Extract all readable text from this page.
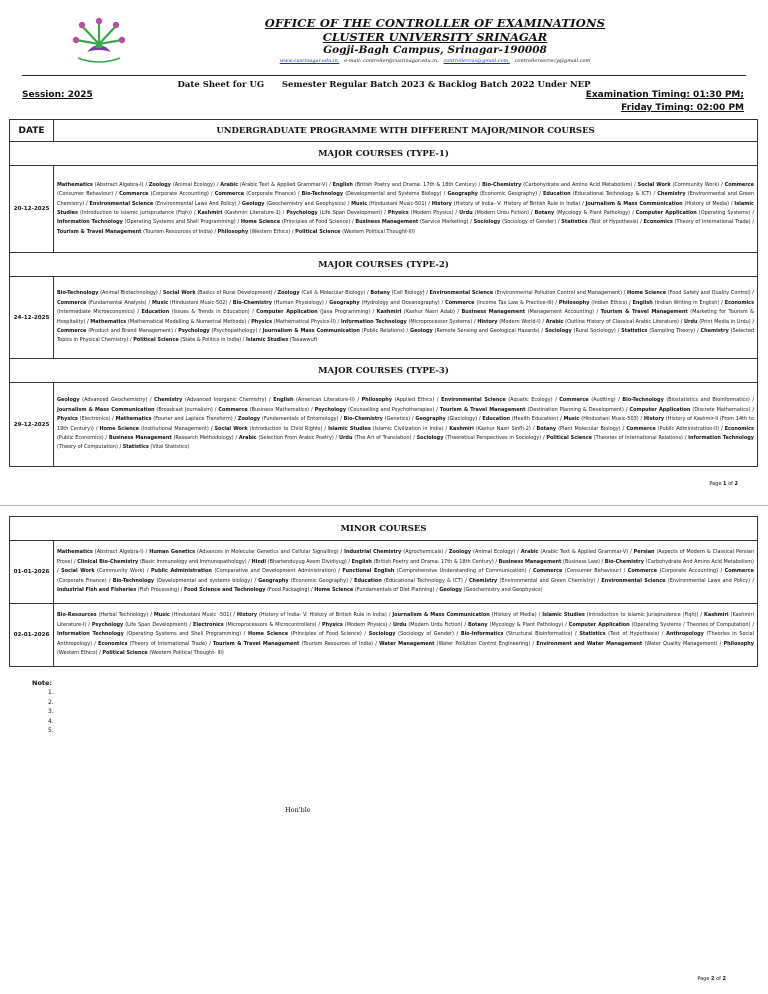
OFFICE OF THE CONTROLLER OF EXAMINATIONS
CLUSTER UNIVERSITY SRINAGAR
Gogji-Bagh Campus, Srinagar-190008
www.cusrinagar.edu.in, e-mail: controller@cusrinagar.edu.in, controllercus@gmail.com, controllersecrecy@gmail.com
Date Sheet for UG      Semester Regular Batch 2023 & Backlog Batch 2022 Under NEP
Session: 2025	Examination Timing: 01:30 PM;
Friday Timing: 02:00 PM
DATE	UNDERGRADUATE PROGRAMME WITH DIFFERENT MAJOR/MINOR COURSES
MAJOR COURSES (TYPE-1)	
20-12-2025	Mathematics (Abstract Algebra-I) / Zoology (Animal Ecology) / Arabic (Arabic Text & Applied Grammar-V) / English (British Poetry and Drama: 17th & 18th Century) / Bio-Chemistry (Carbohydrate and Amino Acid Metabolism) / Social Work (Community Work) / Commerce (Consumer Behaviour) / Commerce (Corporate Accounting) / Commerce (Corporate Finance) / Bio-Technology (Developmental and Systems Biology) / Geography (Economic Geography) / Education (Educational Technology & ICT) / Chemistry (Environmental and Green Chemistry) / Environmental Science (Environmental Laws And Policy) / Geology (Geochemistry and Geophysics) / Music (Hindustani Music-501) / History (History of India- V: History of British Rule in India) / Journalism & Mass Communication (History of Media) / Islamic Studies (Introduction to Islamic Jurisprudence (Fiqh)) / Kashmiri (Kashmiri Literature-1) / Psychology (Life Span Development) / Physics (Modern Physics) / Urdu (Modern Urdu Fiction) / Botany (Mycology & Plant Pathology) / Computer Application (Operating Systems) / Information Technology (Operating Systems and Shell Programming) / Home Science (Principles of Food Science) / Business Management (Service Marketing) / Sociology (Sociology of Gender) / Statistics (Test of Hypothesis) / Economics (Theory of International Trade) / Tourism & Travel Management (Tourism Resources of India) / Philosophy (Western Ethics) / Political Science (Western Political Thought-III)
MAJOR COURSES (TYPE-2)	
24-12-2025	Bio-Technology (Animal Biotechnology) / Social Work (Basics of Rural Development) / Zoology (Cell & Molecular Biology) / Botany (Cell Biology) / Environmental Science (Environmental Pollution Control and Management) / Home Science (Food Safety and Quality Control) / Commerce (Fundamental Analysis) / Music (Hindustani Music-502) / Bio-Chemistry (Human Physiology) / Geography (Hydrology and Oceanography) / Commerce (Income Tax Law & Practice-III) / Philosophy (Indian Ethics) / English (Indian Writing in English) / Economics (Intermediate Microeconomics) / Education (Issues & Trends in Education) / Computer Application (Java Programming) / Kashmiri (Kashur Nasri Adab) / Business Management (Management Accounting) / Tourism & Travel Management (Marketing for Tourism & Hospitality) / Mathematics (Mathematical Modelling & Numerical Methods) / Physics (Mathematical Physics-II) / Information Technology (Microprocessor Systems) / History (Modern World-I) / Arabic (Outline History of Classical Arabic Literature) / Urdu (Print Media in Urdu) / Commerce (Product and Brand Management) / Psychology (Psychopathology) / Journalism & Mass Communication (Public Relations) / Geology (Remote Sensing and Geological Hazards) / Sociology (Rural Sociology) / Statistics (Sampling Theory) / Chemistry (Selected Topics in Physical Chemistry) / Political Science (State & Politics in India) / Islamic Studies (Tasawwuf)
MAJOR COURSES (TYPE-3)	
29-12-2025	Geology (Advanced Geochemistry) / Chemistry (Advanced Inorganic Chemistry) / English (American Literature-II) / Philosophy (Applied Ethics) / Environmental Science (Aquatic Ecology) / Commerce (Auditing) / Bio-Technology (Biostatistics and Bioinformatics) / Journalism & Mass Communication (Broadcast Journalism) / Commerce (Business Mathematics) / Psychology (Counselling and Psychotherapies) / Tourism & Travel Management (Destination Planning & Development) / Computer Application (Discrete Mathematics) / Physics (Electronics) / Mathematics (Fourier and Laplace Transform) / Zoology (Fundamentals of Entomology) / Bio-Chemistry (Genetics) / Geography (Glaciology) / Education (Health Education) / Music (Hindustani Music-503) / History (History of Kashmir-II (From 14th to 19th Century)) / Home Science (Institutional Management) / Social Work (Introduction to Child Rights) / Islamic Studies (Islamic Civilization in India) / Kashmiri (Kashur Nasri Sinfh-2) / Botany (Plant Molecular Biology) / Commerce (Public Administration-II) / Economics (Public Economics) / Business Management (Research Methodology) / Arabic (Selection From Arabic Poetry) / Urdu (The Art of Translation) / Sociology (Theoretical Perspectives in Sociology) / Political Science (Theories of International Relations) / Information Technology (Theory of Computation) / Statistics (Vital Statistics)
Page 1 of 2
MINOR COURSES	
01-01-2026	Mathematics (Abstract Algebra-I) / Human Genetics (Advances in Molecular Genetics and Cellular Signalling) / Industrial Chemistry (Agrochemicals) / Zoology (Animal Ecology) / Arabic (Arabic Text & Applied Grammar-V) / Persian (Aspects of Modern & Classical Persian Prose) / Clinical Bio-Chemistry (Basic Immunology and Immunopathology) / Hindi (Bhartenduyug Avem Dividiyug) / English (British Poetry and Drama: 17th & 18th Century) / Business Management (Business Law) / Bio-Chemistry (Carbohydrate And Amino Acid Metabolism) / Social Work (Community Work) / Public Administration (Comparative and Development Administration) / Functional English (Comprehensive Understanding of Communication) / Commerce (Consumer Behaviour) / Commerce (Corporate Accounting) / Commerce (Corporate Finance) / Bio-Technology (Developmental and systems biology) / Geography (Economic Geography) / Education (Educational Technology & ICT) / Chemistry (Environmental and Green Chemistry) / Environmental Science (Environmental Laws and Policy) / Industrial Fish and Fisheries (Fish Processing) / Food Science and Technology (Food Packaging) / Home Science (Fundamentals of Diet Planning) / Geology (Geochemistry and Geophysics)
02-01-2026	Bio-Resources (Herbal Technology) / Music (Hindustani Music -501) / History (History of India- V: History of British Rule in India) / Journalism & Mass Communication (History of Media) / Islamic Studies (Introduction to Islamic Jurisprudence (Fiqh)) / Kashmiri (Kashmiri Literature-I) / Psychology (Life Span Development) / Electronics (Microprocessors & Microcontrollers) / Physics (Modern Physics) / Urdu (Modern Urdu Fiction) / Botany (Mycology & Plant Pathology) / Computer Application (Operating Systems / Theories of Computation) / Information Technology (Operating Systems and Shell Programming) / Home Science (Principles of Food Science) / Sociology (Sociology of Gender) / Bio-Informatics (Structural Bioinformatics) / Statistics (Test of Hypothesis) / Anthropology (Theories in Social Anthropology) / Economics (Theory of International Trade) / Tourism & Travel Management (Tourism Resources of India) / Water Management (Water Pollution Control Engineering) / Environment and Water Management (Water Quality Management) / Philosophy (Western Ethics) / Political Science (Western Political Thought- III)
Note:
1.
2.
3.
4.
5.
Hon'ble
Page 2 of 2
